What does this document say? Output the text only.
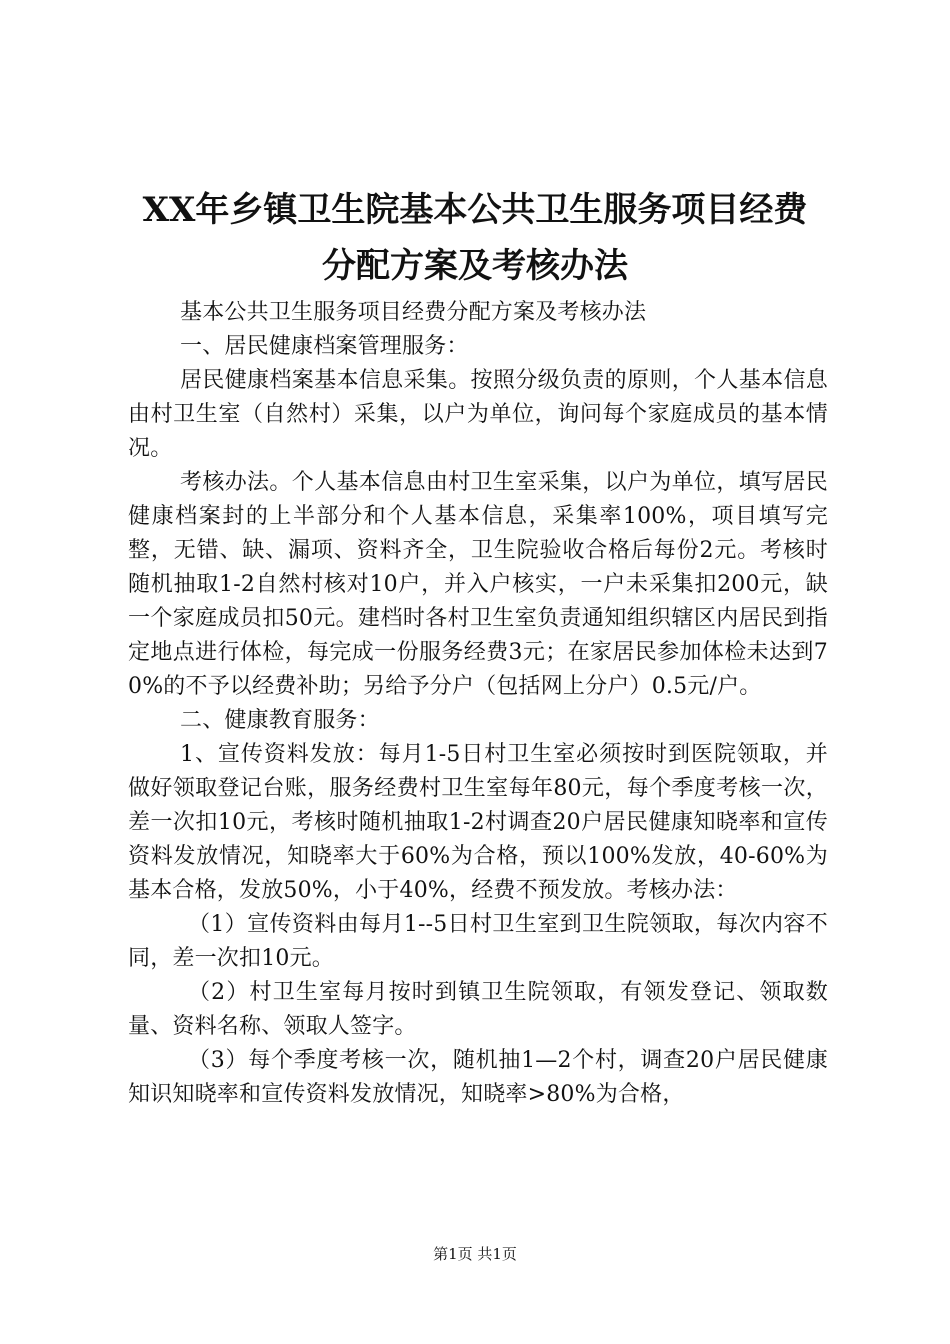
XX年乡镇卫生院基本公共卫生服务项目经费
分配方案及考核办法

基本公共卫生服务项目经费分配方案及考核办法

一、居民健康档案管理服务：

居民健康档案基本信息采集。按照分级负责的原则，个人基本信息由村卫生室（自然村）采集，以户为单位，询问每个家庭成员的基本情况。

考核办法。个人基本信息由村卫生室采集，以户为单位，填写居民健康档案封的上半部分和个人基本信息，采集率100%，项目填写完整，无错、缺、漏项、资料齐全，卫生院验收合格后每份2元。考核时随机抽取1-2自然村核对10户，并入户核实，一户未采集扣200元，缺一个家庭成员扣50元。建档时各村卫生室负责通知组织辖区内居民到指定地点进行体检，每完成一份服务经费3元；在家居民参加体检未达到70%的不予以经费补助；另给予分户（包括网上分户）0.5元/户。

二、健康教育服务：

1、宣传资料发放：每月1-5日村卫生室必须按时到医院领取，并做好领取登记台账，服务经费村卫生室每年80元，每个季度考核一次，差一次扣10元，考核时随机抽取1-2村调查20户居民健康知晓率和宣传资料发放情况，知晓率大于60%为合格，预以100%发放，40-60%为基本合格，发放50%，小于40%，经费不预发放。考核办法：

（1）宣传资料由每月1--5日村卫生室到卫生院领取，每次内容不同，差一次扣10元。

（2）村卫生室每月按时到镇卫生院领取，有领发登记、领取数量、资料名称、领取人签字。

（3）每个季度考核一次，随机抽1—2个村，调查20户居民健康知识知晓率和宣传资料发放情况，知晓率>80%为合格，

第1页 共1页
